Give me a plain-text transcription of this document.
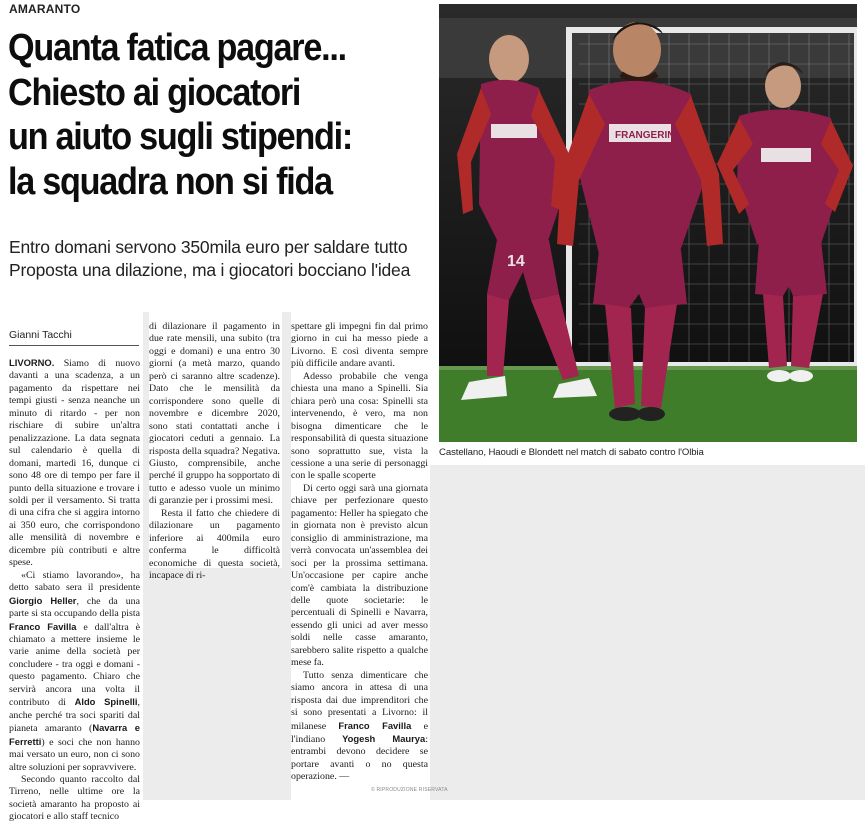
AMARANTO
Quanta fatica pagare...
Chiesto ai giocatori
un aiuto sugli stipendi:
la squadra non si fida
Entro domani servono 350mila euro per saldare tutto
Proposta una dilazione, ma i giocatori bocciano l'idea	14
FRANGERINI
Castellano, Haoudi e Blondett nel match di sabato contro l'Olbia
Gianni Tacchi

LIVORNO. Siamo di nuovo davanti a una scadenza, a un pagamento da rispettare nei tempi giusti - senza neanche un minuto di ritardo - per non rischiare di subire un'altra penalizzazione. La data segnata sul calendario è quella di domani, martedì 16, dunque ci sono 48 ore di tempo per fare il punto della situazione e trovare i soldi per il versamento. Si tratta di una cifra che si aggira intorno ai 350 euro, che corrispondono alle mensilità di novembre e dicembre più contributi e altre spese.

«Ci stiamo lavorando», ha detto sabato sera il presidente Giorgio Heller, che da una parte si sta occupando della pista Franco Favilla e dall'altra è chiamato a mettere insieme le varie anime della società per concludere - tra oggi e domani - questo pagamento. Chiaro che servirà ancora una volta il contributo di Aldo Spinelli, anche perché tra soci spariti dal pianeta amaranto (Navarra e Ferretti) e soci che non hanno mai versato un euro, non ci sono altre soluzioni per sopravvivere.

Secondo quanto raccolto dal Tirreno, nelle ultime ore la società amaranto ha proposto ai giocatori e allo staff tecnico

di dilazionare il pagamento in due rate mensili, una subito (tra oggi e domani) e una entro 30 giorni (a metà marzo, quando però ci saranno altre scadenze). Dato che le mensilità da corrispondere sono quelle di novembre e dicembre 2020, sono stati contattati anche i giocatori ceduti a gennaio. La risposta della squadra? Negativa. Giusto, comprensibile, anche perché il gruppo ha sopportato di tutto e adesso vuole un minimo di garanzie per i prossimi mesi.

Resta il fatto che chiedere di dilazionare un pagamento inferiore ai 400mila euro conferma le difficoltà economiche di questa società, incapace di ri-

spettare gli impegni fin dal primo giorno in cui ha messo piede a Livorno. E così diventa sempre più difficile andare avanti.

Adesso probabile che venga chiesta una mano a Spinelli. Sia chiara però una cosa: Spinelli sta intervenendo, è vero, ma non bisogna dimenticare che le responsabilità di questa situazione sono soprattutto sue, vista la cessione a una serie di personaggi con le spalle scoperte

Di certo oggi sarà una giornata chiave per perfezionare questo pagamento: Heller ha spiegato che in giornata non è previsto alcun consiglio di amministrazione, ma verrà convocata un'assemblea dei soci per la prossima settimana. Un'occasione per capire anche com'è cambiata la distribuzione delle quote societarie: le percentuali di Spinelli e Navarra, essendo gli unici ad aver messo soldi nelle casse amaranto, sarebbero salite rispetto a qualche mese fa.

Tutto senza dimenticare che siamo ancora in attesa di una risposta dai due imprenditori che si sono presentati a Livorno: il milanese Franco Favilla e l'indiano Yogesh Maurya: entrambi devono decidere se portare avanti o no questa operazione. —

© RIPRODUZIONE RISERVATA
